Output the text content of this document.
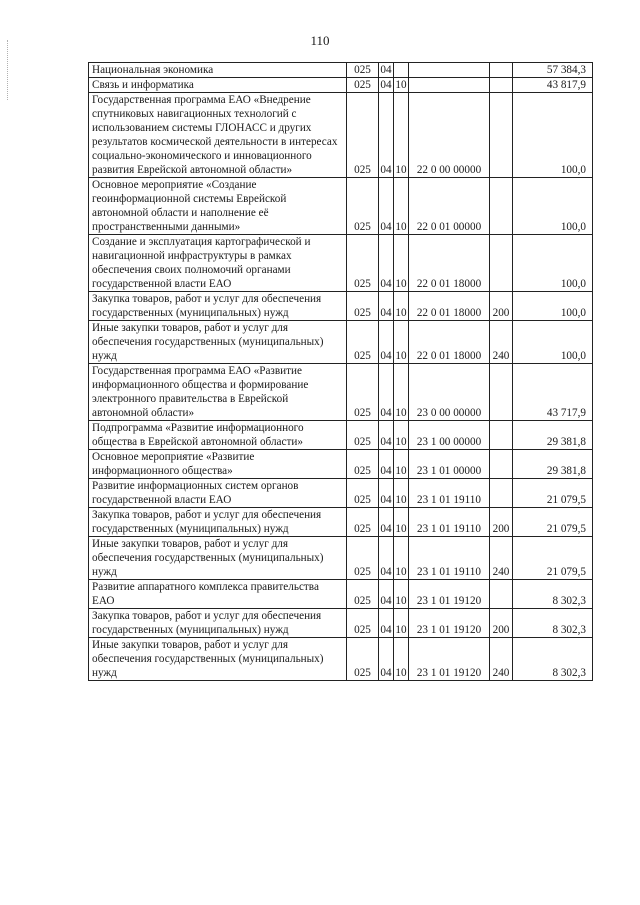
110
Национальная экономика	025	04				57 384,3
Связь и информатика	025	04	10			43 817,9
Государственная программа ЕАО «Внедрение спутниковых навигационных технологий с использованием системы ГЛОНАСС и других результатов космической деятельности в интересах социально-экономического и инновационного развития Еврейской автономной области»	025	04	10	22 0 00 00000		100,0
Основное мероприятие «Создание геоинформационной системы Еврейской автономной области и наполнение её пространственными данными»	025	04	10	22 0 01 00000		100,0
Создание и эксплуатация картографической и навигационной инфраструктуры в рамках обеспечения своих полномочий органами государственной власти ЕАО	025	04	10	22 0 01 18000		100,0
Закупка товаров, работ и услуг для обеспечения государственных (муниципальных) нужд	025	04	10	22 0 01 18000	200	100,0
Иные закупки товаров, работ и услуг для обеспечения государственных (муниципальных) нужд	025	04	10	22 0 01 18000	240	100,0
Государственная программа ЕАО «Развитие информационного общества и формирование электронного правительства в Еврейской автономной области»	025	04	10	23 0 00 00000		43 717,9
Подпрограмма «Развитие информационного общества в Еврейской автономной области»	025	04	10	23 1 00 00000		29 381,8
Основное мероприятие «Развитие информационного общества»	025	04	10	23 1 01 00000		29 381,8
Развитие информационных систем органов государственной власти ЕАО	025	04	10	23 1 01 19110		21 079,5
Закупка товаров, работ и услуг для обеспечения государственных (муниципальных) нужд	025	04	10	23 1 01 19110	200	21 079,5
Иные закупки товаров, работ и услуг для обеспечения государственных (муниципальных) нужд	025	04	10	23 1 01 19110	240	21 079,5
Развитие аппаратного комплекса правительства ЕАО	025	04	10	23 1 01 19120		8 302,3
Закупка товаров, работ и услуг для обеспечения государственных (муниципальных) нужд	025	04	10	23 1 01 19120	200	8 302,3
Иные закупки товаров, работ и услуг для обеспечения государственных (муниципальных) нужд	025	04	10	23 1 01 19120	240	8 302,3
